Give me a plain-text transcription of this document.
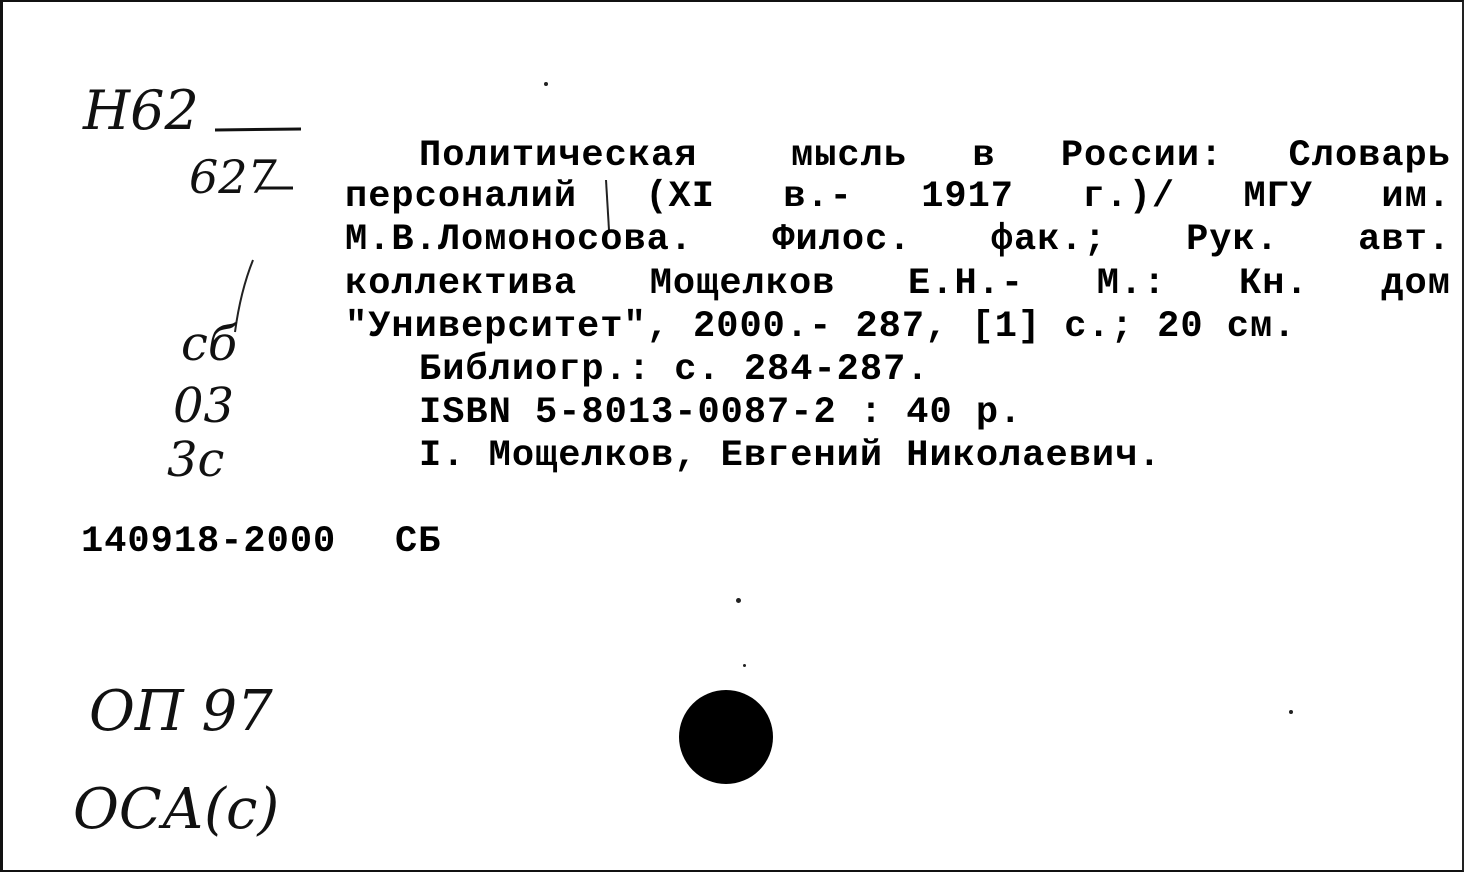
Н62
627
сб
03
3с
Политическая	мысль в России: Словарь
персоналий (XI в.- 1917 г.)/ МГУ им.
М.В.Ломоносова. Филос. фак.; Рук. авт.
коллектива Мощелков Е.Н.- М.: Кн. дом
"Университет", 2000.- 287, [1] с.; 20 см.
Библиогр.: с. 284-287.
ISBN 5-8013-0087-2 : 40 р.
I. Мощелков, Евгений Николаевич.
140918-2000 СБ
ОП 97
ОСА(с)
